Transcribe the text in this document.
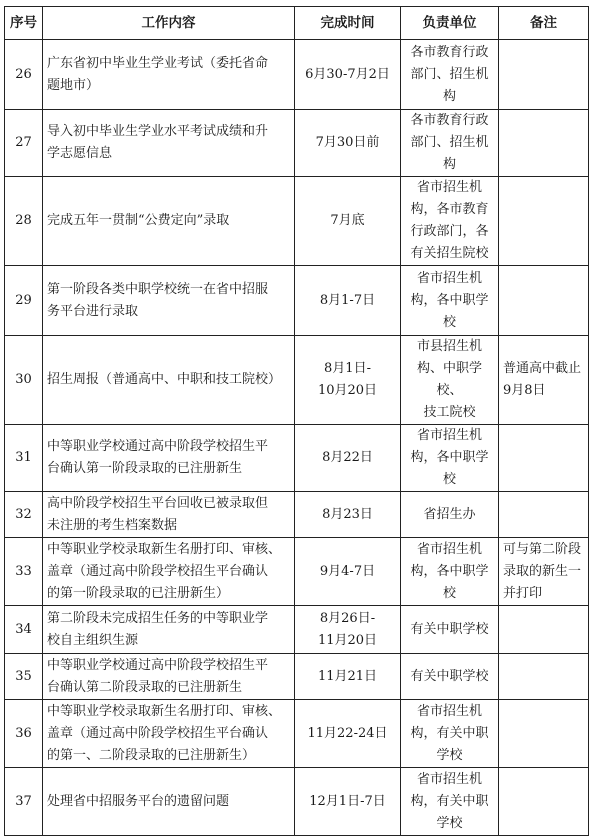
序号	工作内容	完成时间	负责单位	备注
26	广东省初中毕业生学业考试（委托省命
题地市）	6月30-7月2日	各市教育行政
部门、招生机
构	
27	导入初中毕业生学业水平考试成绩和升
学志愿信息	7月30日前	各市教育行政
部门、招生机
构	
28	完成五年一贯制“公费定向”录取	7月底	省市招生机
构，各市教育
行政部门，各
有关招生院校	
29	第一阶段各类中职学校统一在省中招服
务平台进行录取	8月1-7日	省市招生机
构，各中职学
校	
30	招生周报（普通高中、中职和技工院校）	8月1日-
10月20日	市县招生机
构、中职学校、
技工院校	普通高中截止
9月8日
31	中等职业学校通过高中阶段学校招生平
台确认第一阶段录取的已注册新生	8月22日	省市招生机
构，各中职学
校	
32	高中阶段学校招生平台回收已被录取但
未注册的考生档案数据	8月23日	省招生办	
33	中等职业学校录取新生名册打印、审核、
盖章（通过高中阶段学校招生平台确认
的第一阶段录取的已注册新生）	9月4-7日	省市招生机
构，各中职学
校	可与第二阶段
录取的新生一
并打印
34	第二阶段未完成招生任务的中等职业学
校自主组织生源	8月26日-
11月20日	有关中职学校	
35	中等职业学校通过高中阶段学校招生平
台确认第二阶段录取的已注册新生	11月21日	有关中职学校	
36	中等职业学校录取新生名册打印、审核、
盖章（通过高中阶段学校招生平台确认
的第一、二阶段录取的已注册新生）	11月22-24日	省市招生机
构，有关中职
学校	
37	处理省中招服务平台的遗留问题	12月1日-7日	省市招生机
构，有关中职
学校	
